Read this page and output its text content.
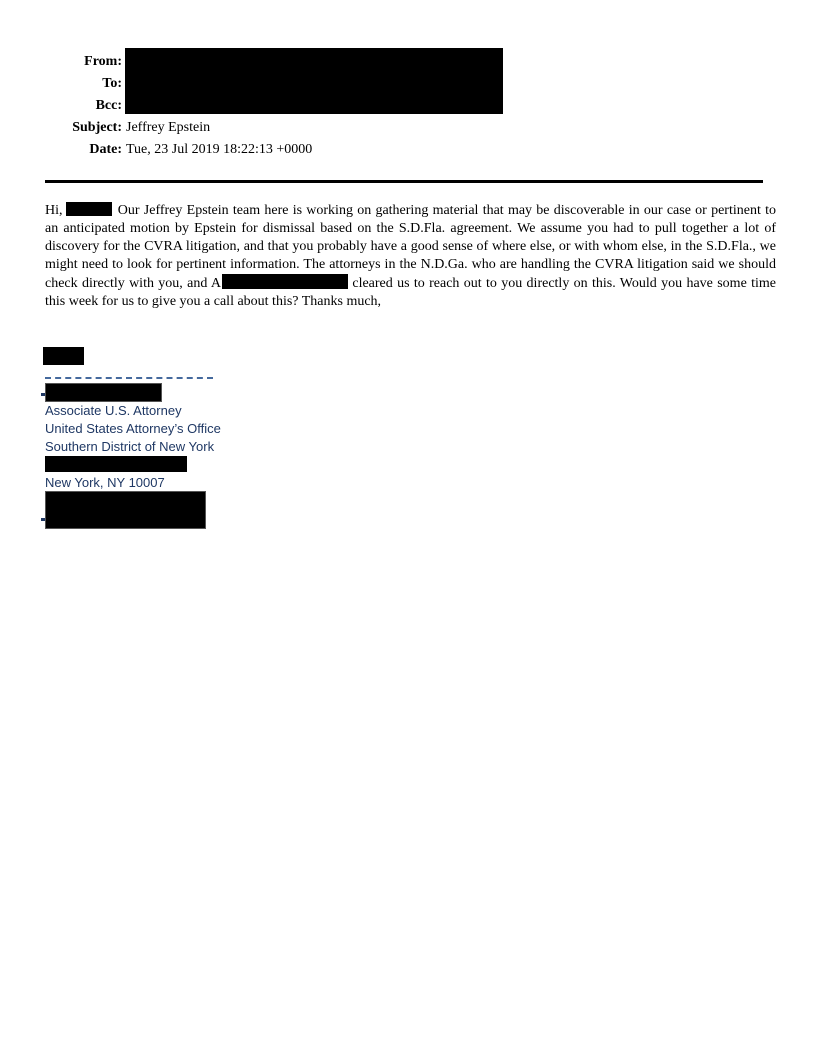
From:
To:
Bcc:
Subject: Jeffrey Epstein
Date: Tue, 23 Jul 2019 18:22:13 +0000

Hi,	Our Jeffrey Epstein team here is working on gathering material that may be discoverable in our case or pertinent to an anticipated motion by Epstein for dismissal based on the S.D.Fla. agreement. We assume you had to pull together a lot of discovery for the CVRA litigation, and that you probably have a good sense of where else, or with whom else, in the S.D.Fla., we might need to look for pertinent information. The attorneys in the N.D.Ga. who are handling the CVRA litigation said we should check directly with you, and A	cleared us to reach out to you directly on this. Would you have some time this week for us to give you a call about this? Thanks much,

Associate U.S. Attorney
United States Attorney’s Office
Southern District of New York
New York, NY 10007
